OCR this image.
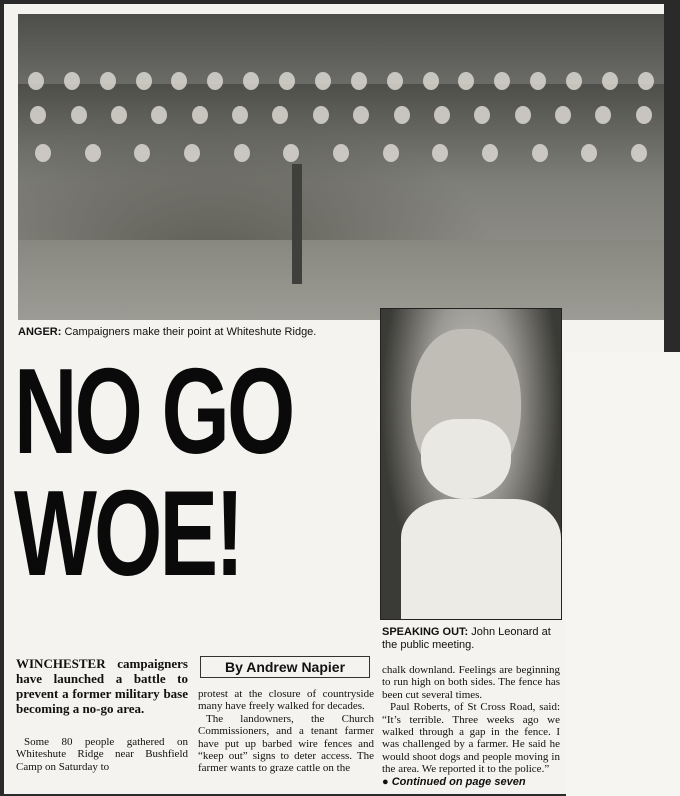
ANGER: Campaigners make their point at Whiteshute Ridge.
NO GO
WOE!
SPEAKING OUT: John Leonard at the public meeting.
WINCHESTER campaigners have launched a battle to prevent a former military base becoming a no-go area.
By Andrew Napier

Some 80 people gathered on Whiteshute Ridge near Bushfield Camp on Saturday to

protest at the closure of countryside many have freely walked for decades.

The landowners, the Church Commissioners, and a tenant farmer have put up barbed wire fences and “keep out” signs to deter access. The farmer wants to graze cattle on the

chalk downland. Feelings are beginning to run high on both sides. The fence has been cut several times.

Paul Roberts, of St Cross Road, said: “It’s terrible. Three weeks ago we walked through a gap in the fence. I was challenged by a farmer. He said he would shoot dogs and people moving in the area. We reported it to the police.”

● Continued on page seven
